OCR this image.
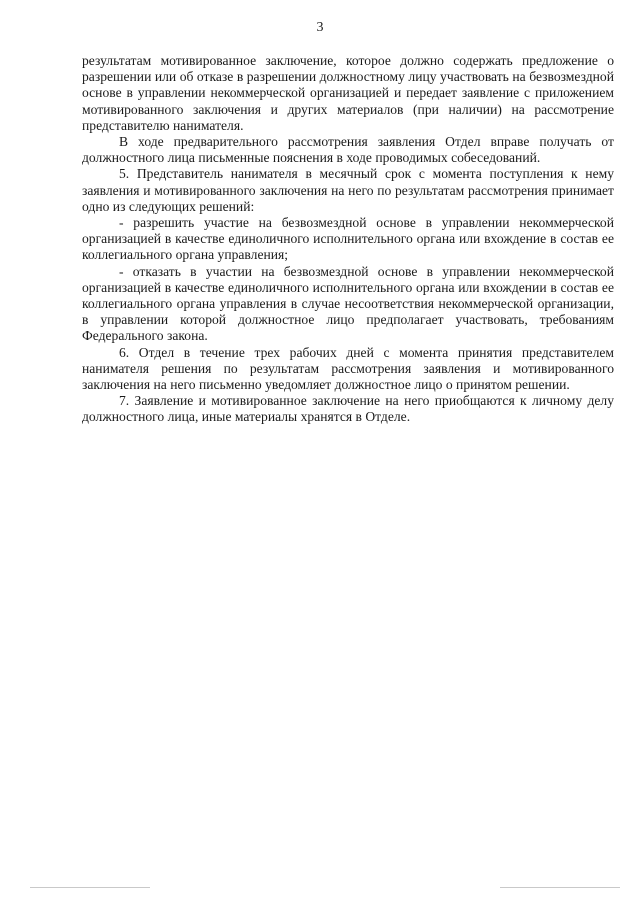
3

результатам мотивированное заключение, которое должно содержать предложение о разрешении или об отказе в разрешении должностному лицу участвовать на безвозмездной основе в управлении некоммерческой организацией и передает заявление с приложением мотивированного заключения и других материалов (при наличии) на рассмотрение представителю нанимателя.

В ходе предварительного рассмотрения заявления Отдел вправе получать от должностного лица письменные пояснения в ходе проводимых собеседований.

5. Представитель нанимателя в месячный срок с момента поступления к нему заявления и мотивированного заключения на него по результатам рассмотрения принимает одно из следующих решений:

- разрешить участие на безвозмездной основе в управлении некоммерческой организацией в качестве единоличного исполнительного органа или вхождение в состав ее коллегиального органа управления;

- отказать в участии на безвозмездной основе в управлении некоммерческой организацией в качестве единоличного исполнительного органа или вхождении в состав ее коллегиального органа управления в случае несоответствия некоммерческой организации, в управлении которой должностное лицо предполагает участвовать, требованиям Федерального закона.

6. Отдел в течение трех рабочих дней с момента принятия представителем нанимателя решения по результатам рассмотрения заявления и мотивированного заключения на него письменно уведомляет должностное лицо о принятом решении.

7. Заявление и мотивированное заключение на него приобщаются к личному делу должностного лица, иные материалы хранятся в Отделе.
